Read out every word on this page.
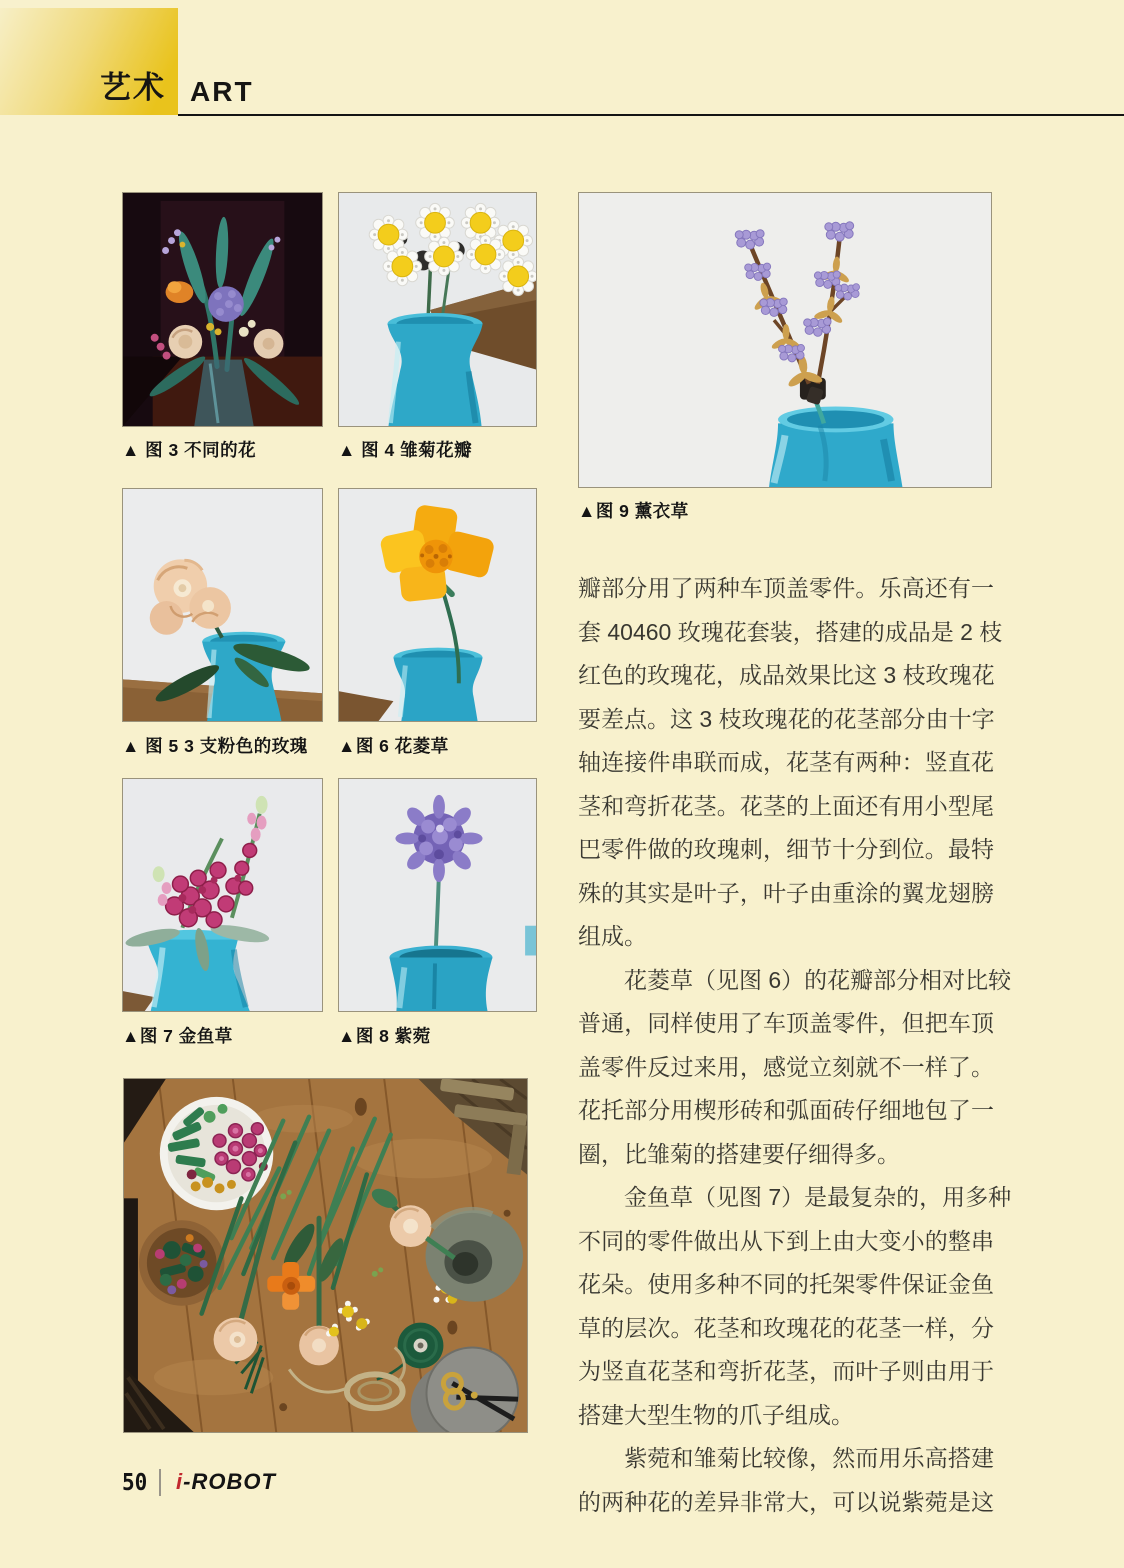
艺术 ART
▲ 图 3 不同的花	▲ 图 4 雏菊花瓣
▲ 图 5 3 支粉色的玫瑰 ▲图 6 花菱草
▲图 7 金鱼草	▲图 8 紫菀
▲图 9 薰衣草
瓣部分用了两种车顶盖零件。乐高还有一
套 40460 玫瑰花套装，搭建的成品是 2 枝
红色的玫瑰花，成品效果比这 3 枝玫瑰花
要差点。这 3 枝玫瑰花的花茎部分由十字
轴连接件串联而成，花茎有两种：竖直花
茎和弯折花茎。花茎的上面还有用小型尾
巴零件做的玫瑰刺，细节十分到位。最特
殊的其实是叶子，叶子由重涂的翼龙翅膀
组成。
　　花菱草（见图 6）的花瓣部分相对比较
普通，同样使用了车顶盖零件，但把车顶
盖零件反过来用，感觉立刻就不一样了。
花托部分用楔形砖和弧面砖仔细地包了一
圈，比雏菊的搭建要仔细得多。
　　金鱼草（见图 7）是最复杂的，用多种
不同的零件做出从下到上由大变小的整串
花朵。使用多种不同的托架零件保证金鱼
草的层次。花茎和玫瑰花的花茎一样，分
为竖直花茎和弯折花茎，而叶子则由用于
搭建大型生物的爪子组成。
　　紫菀和雏菊比较像，然而用乐高搭建
的两种花的差异非常大，可以说紫菀是这
50 i-ROBOT
